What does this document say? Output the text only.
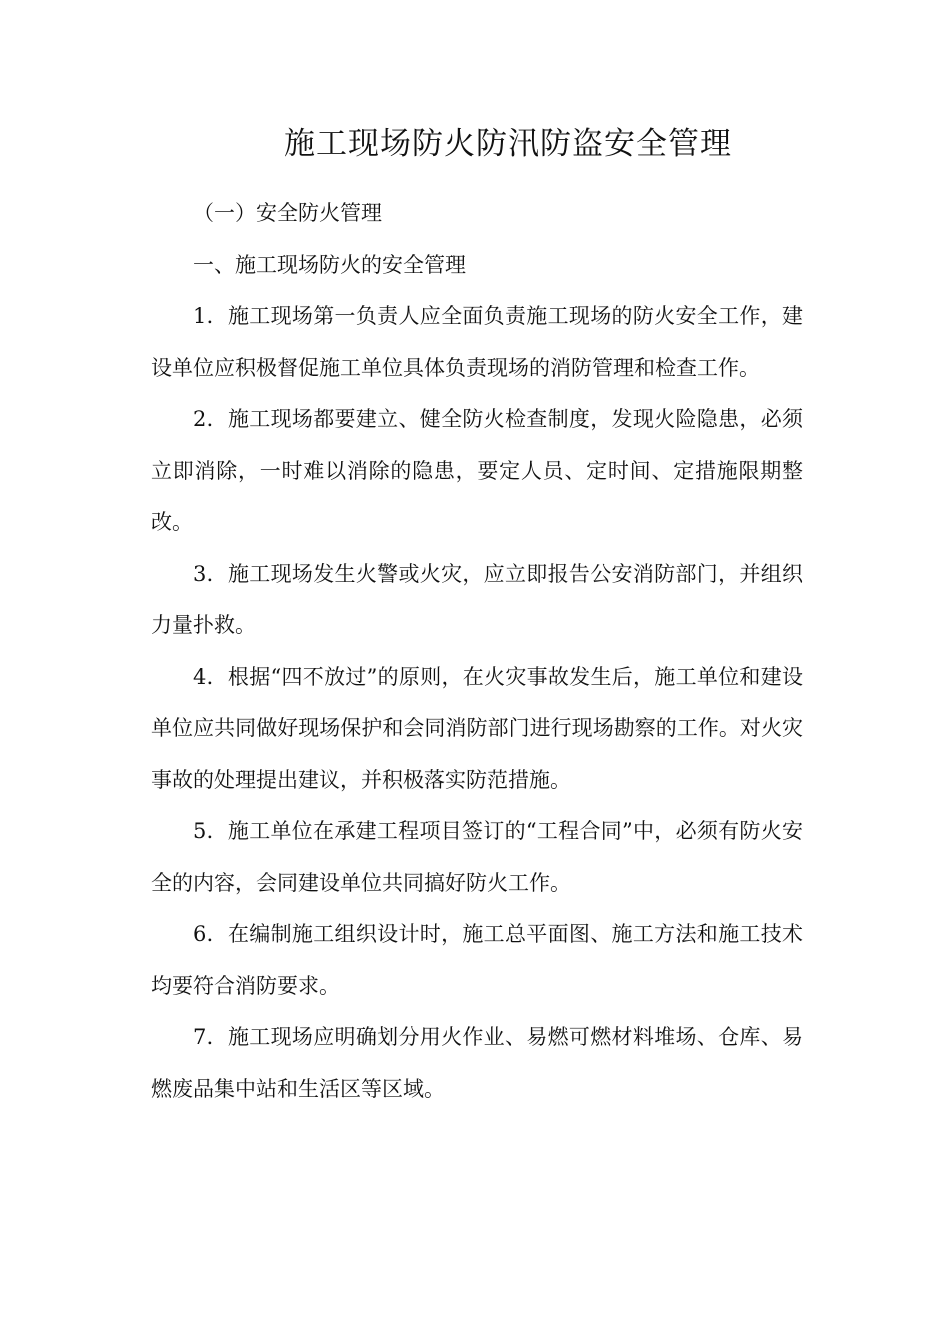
施工现场防火防汛防盗安全管理

（一）安全防火管理

一、施工现场防火的安全管理

1．施工现场第一负责人应全面负责施工现场的防火安全工作，建设单位应积极督促施工单位具体负责现场的消防管理和检查工作。

2．施工现场都要建立、健全防火检查制度，发现火险隐患，必须立即消除，一时难以消除的隐患，要定人员、定时间、定措施限期整改。

3．施工现场发生火警或火灾，应立即报告公安消防部门，并组织力量扑救。

4．根据“四不放过”的原则，在火灾事故发生后，施工单位和建设单位应共同做好现场保护和会同消防部门进行现场勘察的工作。对火灾事故的处理提出建议，并积极落实防范措施。

5．施工单位在承建工程项目签订的“工程合同”中，必须有防火安全的内容，会同建设单位共同搞好防火工作。

6．在编制施工组织设计时，施工总平面图、施工方法和施工技术均要符合消防要求。

7．施工现场应明确划分用火作业、易燃可燃材料堆场、仓库、易燃废品集中站和生活区等区域。
